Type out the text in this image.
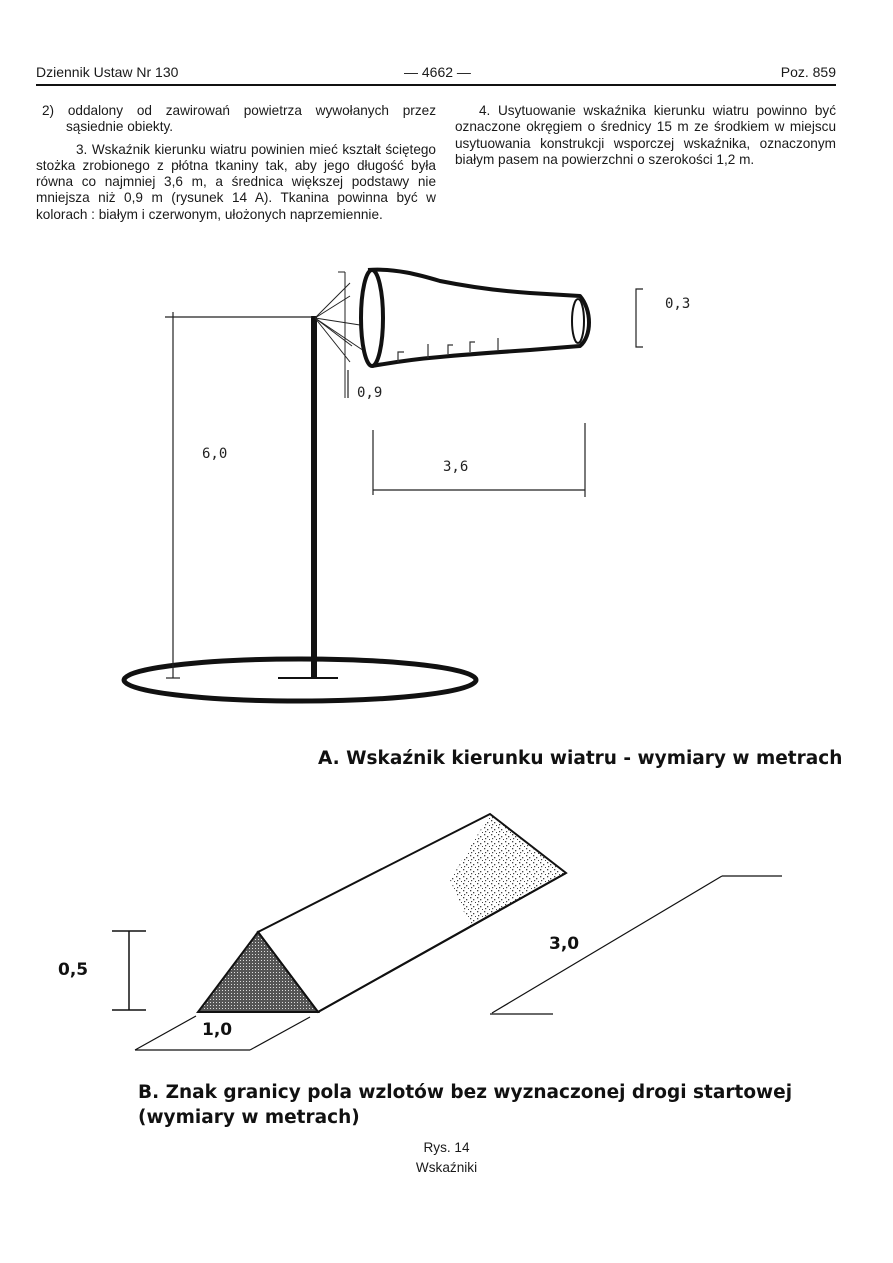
Dziennik Ustaw Nr 130	— 4662 —	Poz. 859

2) oddalony od zawirowań powietrza wywołanych przez sąsiednie obiekty.

3. Wskaźnik kierunku wiatru powinien mieć kształt ściętego stożka zrobionego z płótna tkaniny tak, aby jego długość była równa co najmniej 3,6 m, a średnica większej podstawy nie mniejsza niż 0,9 m (rysunek 14 A). Tkanina powinna być w kolorach : białym i czerwonym, ułożonych naprzemiennie.

4. Usytuowanie wskaźnika kierunku wiatru powinno być oznaczone okręgiem o średnicy 15 m ze środkiem w miejscu usytuowania konstrukcji wsporczej wskaźnika, oznaczonym białym pasem na powierzchni o szerokości 1,2 m.

6,0
0,9
0,3
3,6
A. Wskaźnik kierunku wiatru - wymiary w metrach
0,5
1,0
3,0
B. Znak granicy pola wzlotów bez wyznaczonej drogi startowej
(wymiary w metrach)
Rys. 14
Wskaźniki
